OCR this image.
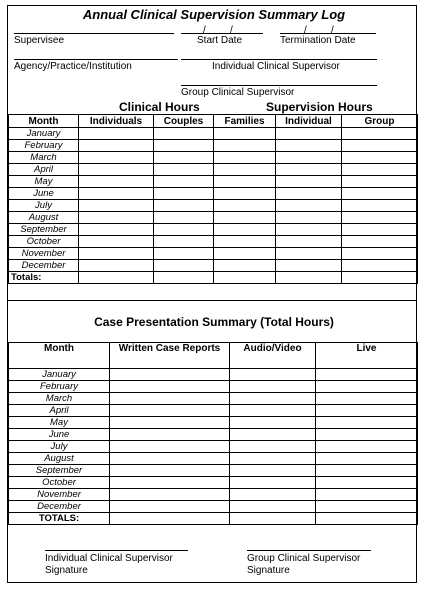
Annual Clinical Supervision Summary Log
/ /	/ /
Supervisee	Start Date	Termination Date
Agency/Practice/Institution	Individual Clinical Supervisor
Group Clinical Supervisor
Clinical Hours	Supervision Hours
Month	Individuals	Couples	Families	Individual	Group
January					
February					
March					
April					
May					
June					
July					
August					
September					
October					
November					
December					
Totals:					
Case Presentation Summary (Total Hours)
Month	Written Case Reports	Audio/Video	Live
January			
February			
March			
April			
May			
June			
July			
August			
September			
October			
November			
December			
TOTALS:			
Individual Clinical Supervisor Signature
Group Clinical Supervisor Signature
